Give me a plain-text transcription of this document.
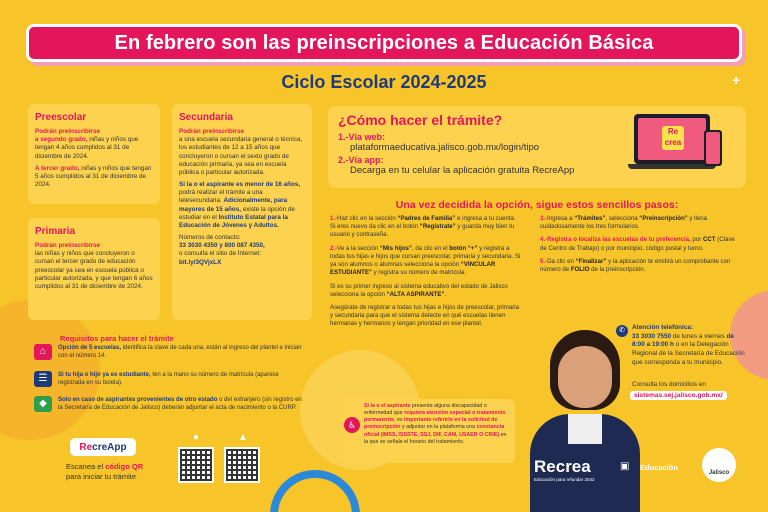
En febrero son las preinscripciones a Educación Básica
Ciclo Escolar 2024-2025	+
Preescolar

Podrán preinscribirse
a segundo grado, niñas y niños que tengan 4 años cumplidos al 31 de diciembre de 2024.

A tercer grado, niñas y niños que tengan 5 años cumplidos al 31 de diciembre de 2024.

Primaria

Podrán preinscribirse
las niñas y niños que concluyeron o cursan el tercer grado de educación preescolar ya sea en escuela pública o particular autorizada, y que tengan 6 años cumplidos al 31 de diciembre de 2024.

Secundaria

Podrán preinscribirse
a una escuela secundaria general o técnica, los estudiantes de 12 a 15 años que concluyeron o cursan el sexto grado de educación primaria, ya sea en escuela pública o particular autorizada.

Si la o el aspirante es menor de 16 años, podrá realizar el trámite a una telesecundaria. Adicionalmente, para mayores de 15 años, existe la opción de estudiar en el Instituto Estatal para la Educación de Jóvenes y Adultos.

Números de contacto:
33 3030 4350 y 800 087 4350,
o consulta el sitio de Internet:
bit.ly/3QVjxLX

¿Cómo hacer el trámite?
1.-Vía web:
plataformaeducativa.jalisco.gob.mx/login/tipo
2.-Vía app:
Decarga en tu celular la aplicación gratuita RecreApp
Re
crea
Una vez decidida la opción, sigue estos sencillos pasos:

1.-Haz clic en la sección “Padres de Familia” e ingresa a tu cuenta. Si eres nuevo da clic en el botón “Regístrate” y guarda muy bien tu usuario y contraseña.

2.-Ve a la sección “Mis hijos”, da clic en el botón “+” y registra a todas tus hijas e hijos que cursan preescolar, primaria y secundaria. Si ya son alumnos o alumnas selecciona la opción “VINCULAR ESTUDIANTE” y registra su número de matrícula.

Si es su primer ingreso al sistema educativo del estado de Jalisco selecciona la opción “ALTA ASPIRANTE”.

Asegúrate de registrar a todas tus hijas e hijos de preescolar, primaria y secundaria para que el sistema detecte en qué escuelas tienen hermanas y hermanos y tengan prioridad en ese plantel.

3.-Ingresa a “Trámites”, selecciona “Preinscripción” y llena cuidadosamente los tres formularios.

4.-Registra o localiza las escuelas de tu preferencia, por CCT (Clave de Centro de Trabajo) o por municipio, código postal y turno.

5.-Da clic en “Finalizar” y la aplicación te emitirá un comprobante con número de FOLIO de la preinscripción.

Requisitos para hacer el trámite
⌂	Opción de 5 escuelas, identifica la clave de cada una, están al ingreso del plantel e inician con el número 14.
☰	Si tu hija o hijo ya es estudiante, ten a la mano su número de matrícula (aparece registrada en su boleta).
◆	Solo en caso de aspirantes provenientes de otro estado o del extranjero (sin registro en la Secretaría de Educación de Jalisco) deberán adjuntar el acta de nacimiento o la CURP.
Re creApp
Escanea el código QR
para iniciar tu trámite
●	▲
♿
Si la o el aspirante presenta alguna discapacidad o enfermedad que requiera atención especial o tratamiento permanente, es importante referirlo en la solicitud de preinscripción y adjuntar en la plataforma una constancia oficial (IMSS, ISSSTE, SSJ, DIF, CAM, USAER O CRIE) en la que se señale el horario del tratamiento.
✆	Atención telefónica:
33 3030 7550 de lunes a viernes de 8:00 a 19:00 h o en la Delegación Regional de la Secretaría de Educación que corresponda a tu municipio.
Consulta los domicilios en
sistemas.sej.jalisco.gob.mx/
Recrea
Educación para refundar 2042
▣ Educación
Jalisco
